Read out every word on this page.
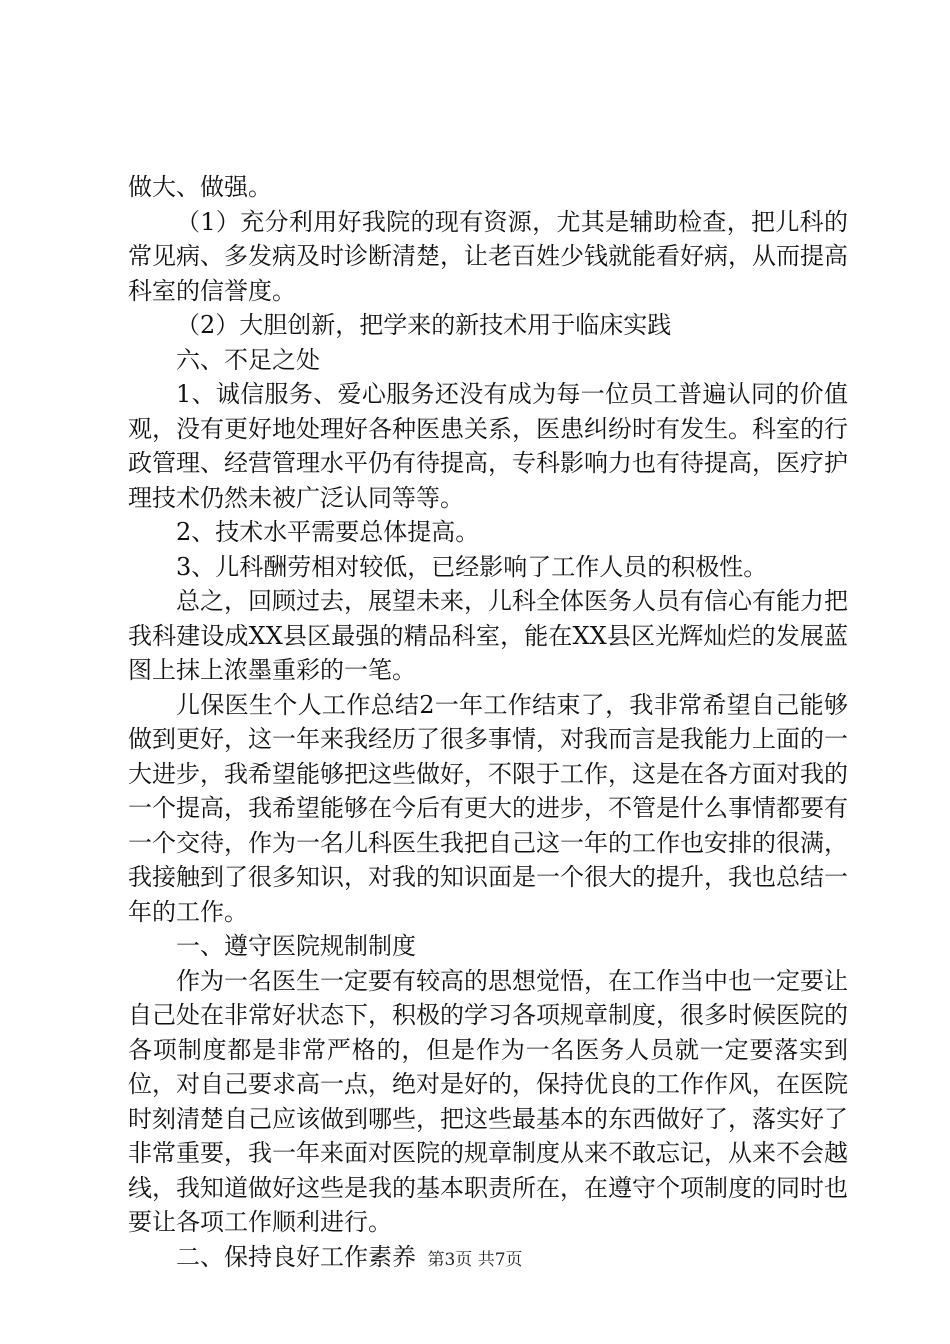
做大、做强。

（1）充分利用好我院的现有资源，尤其是辅助检查，把儿科的常见病、多发病及时诊断清楚，让老百姓少钱就能看好病，从而提高科室的信誉度。

（2）大胆创新，把学来的新技术用于临床实践

六、不足之处

1、诚信服务、爱心服务还没有成为每一位员工普遍认同的价值观，没有更好地处理好各种医患关系，医患纠纷时有发生。科室的行政管理、经营管理水平仍有待提高，专科影响力也有待提高，医疗护理技术仍然未被广泛认同等等。

2、技术水平需要总体提高。

3、儿科酬劳相对较低，已经影响了工作人员的积极性。

总之，回顾过去，展望未来，儿科全体医务人员有信心有能力把我科建设成XX县区最强的精品科室，能在XX县区光辉灿烂的发展蓝图上抹上浓墨重彩的一笔。

儿保医生个人工作总结2一年工作结束了，我非常希望自己能够做到更好，这一年来我经历了很多事情，对我而言是我能力上面的一大进步，我希望能够把这些做好，不限于工作，这是在各方面对我的一个提高，我希望能够在今后有更大的进步，不管是什么事情都要有一个交待，作为一名儿科医生我把自己这一年的工作也安排的很满，我接触到了很多知识，对我的知识面是一个很大的提升，我也总结一年的工作。

一、遵守医院规制制度

作为一名医生一定要有较高的思想觉悟，在工作当中也一定要让自己处在非常好状态下，积极的学习各项规章制度，很多时候医院的各项制度都是非常严格的，但是作为一名医务人员就一定要落实到位，对自己要求高一点，绝对是好的，保持优良的工作作风，在医院时刻清楚自己应该做到哪些，把这些最基本的东西做好了，落实好了非常重要，我一年来面对医院的规章制度从来不敢忘记，从来不会越线，我知道做好这些是我的基本职责所在，在遵守个项制度的同时也要让各项工作顺利进行。

二、保持良好工作素养 第3页 共7页
